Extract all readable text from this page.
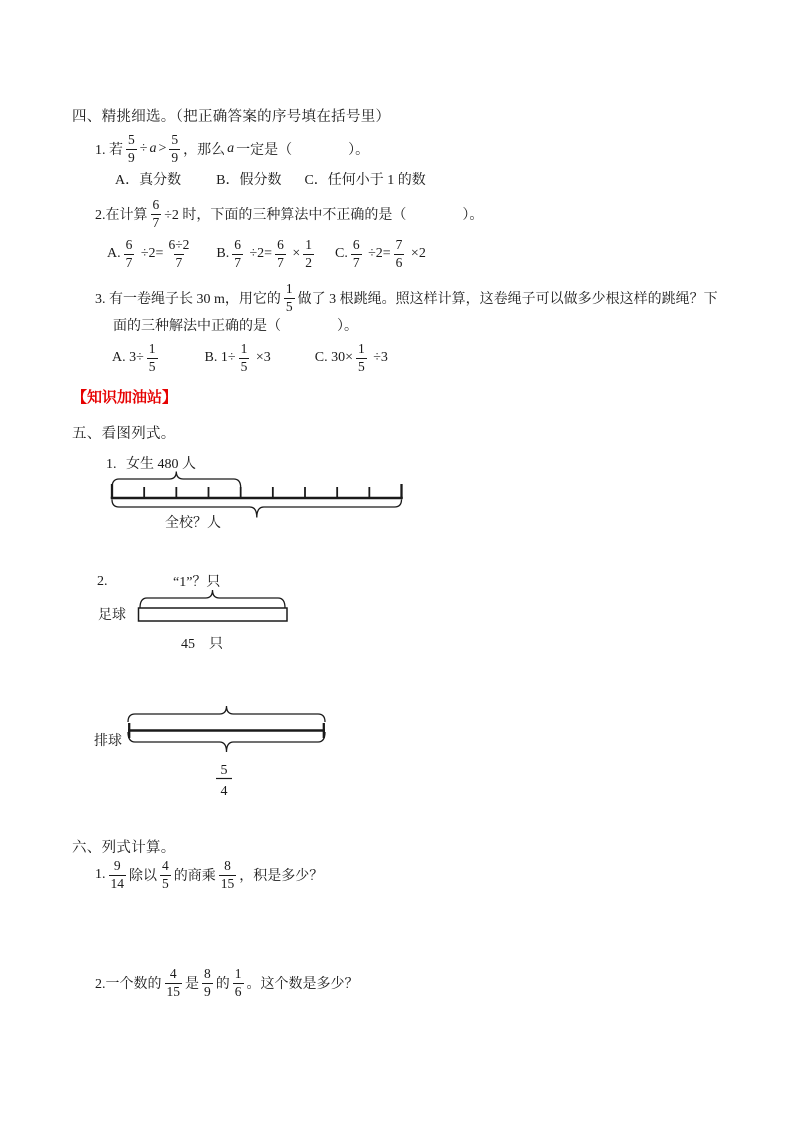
四、精挑细选。（把正确答案的序号填在括号里）
1. 若 $\frac{5}{9} \div a > \frac{5}{9}$ ，那么 a 一定是（　　　　）。
A．真分数	B．假分数 C．任何小于 1 的数
2.在计算 $\frac{6}{7} \div 2$ 时，下面的三种算法中不正确的是（　　　　）。
A. $\frac{6}{7} \div 2= \frac{6\div 2}{7} B$. $\frac{6}{7} \div 2= \frac{6}{7} \times \frac{1}{2} C$. $\frac{6}{7} \div 2= \frac{7}{6} \times 2$
3. 有一卷绳子长 30 m，用它的 $\frac{1}{5}$ 做了 3 根跳绳。照这样计算，这卷绳子可以做多少根这样的跳绳？下
面的三种解法中正确的是（　　　　）。
A. $3\div \frac{1}{5}$	B. $1\div \frac{1}{5} \times 3$	C. $30\times \frac{1}{5} \div 3$
【知识加油站】
五、看图列式。
1. 女生 480 人
全校？人
2.	“1”？只
足球
45　只
排球
5
4
六、列式计算。
1. $\frac{9}{14}$ 除以 $\frac{4}{5}$ 的商乘 $\frac{8}{15}$ ，积是多少？
2.一个数的 $\frac{4}{15}$ 是 $\frac{8}{9}$ 的 $\frac{1}{6}$ 。这个数是多少？
